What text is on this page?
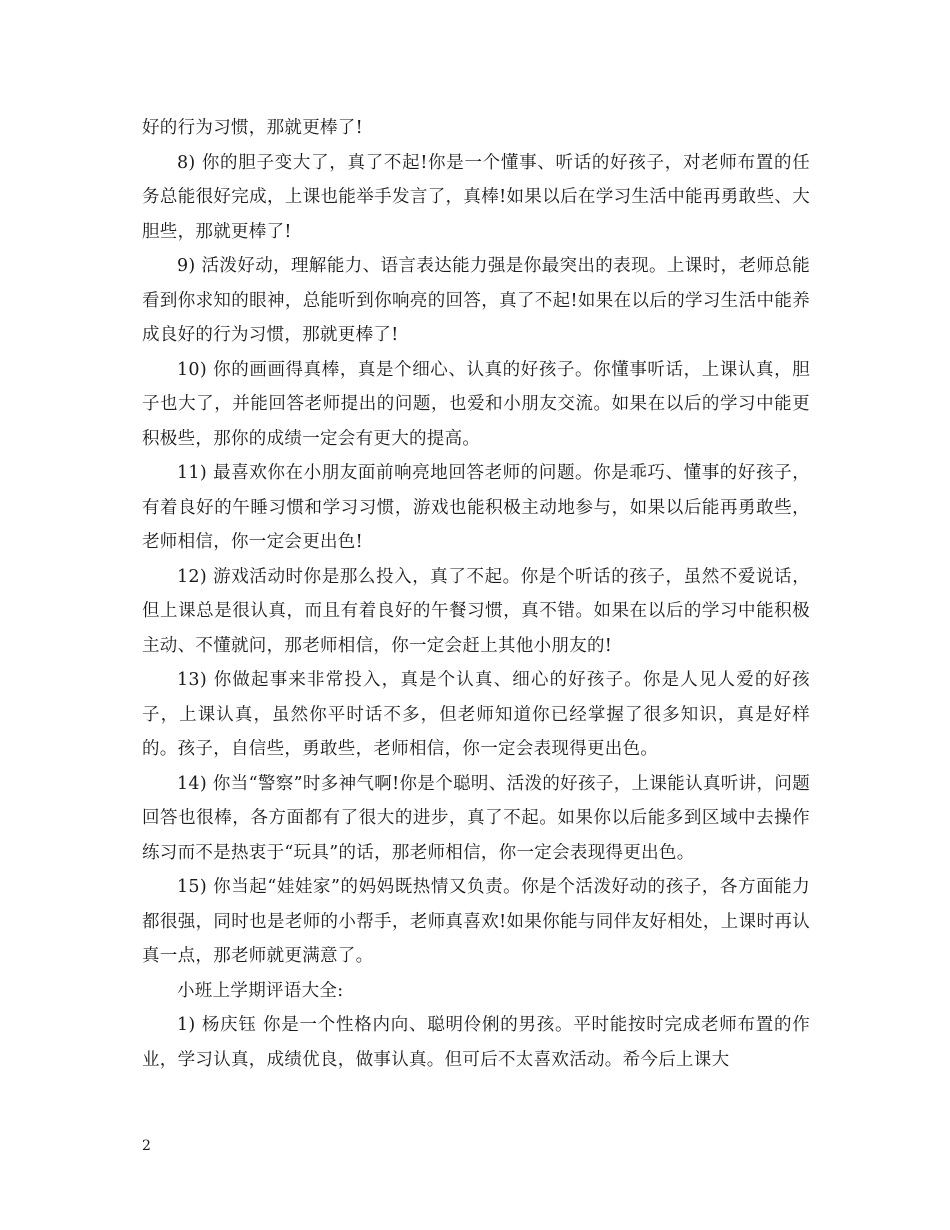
好的行为习惯，那就更棒了!

8) 你的胆子变大了，真了不起!你是一个懂事、听话的好孩子，对老师布置的任务总能很好完成，上课也能举手发言了，真棒!如果以后在学习生活中能再勇敢些、大胆些，那就更棒了!

9) 活泼好动，理解能力、语言表达能力强是你最突出的表现。上课时，老师总能看到你求知的眼神，总能听到你响亮的回答，真了不起!如果在以后的学习生活中能养成良好的行为习惯，那就更棒了!

10) 你的画画得真棒，真是个细心、认真的好孩子。你懂事听话，上课认真，胆子也大了，并能回答老师提出的问题，也爱和小朋友交流。如果在以后的学习中能更积极些，那你的成绩一定会有更大的提高。

11) 最喜欢你在小朋友面前响亮地回答老师的问题。你是乖巧、懂事的好孩子，有着良好的午睡习惯和学习习惯，游戏也能积极主动地参与，如果以后能再勇敢些，老师相信，你一定会更出色!

12) 游戏活动时你是那么投入，真了不起。你是个听话的孩子，虽然不爱说话，但上课总是很认真，而且有着良好的午餐习惯，真不错。如果在以后的学习中能积极主动、不懂就问，那老师相信，你一定会赶上其他小朋友的!

13) 你做起事来非常投入，真是个认真、细心的好孩子。你是人见人爱的好孩子，上课认真，虽然你平时话不多，但老师知道你已经掌握了很多知识，真是好样的。孩子，自信些，勇敢些，老师相信，你一定会表现得更出色。

14) 你当“警察”时多神气啊!你是个聪明、活泼的好孩子，上课能认真听讲，问题回答也很棒，各方面都有了很大的进步，真了不起。如果你以后能多到区域中去操作练习而不是热衷于“玩具”的话，那老师相信，你一定会表现得更出色。

15) 你当起“娃娃家”的妈妈既热情又负责。你是个活泼好动的孩子，各方面能力都很强，同时也是老师的小帮手，老师真喜欢!如果你能与同伴友好相处，上课时再认真一点，那老师就更满意了。

小班上学期评语大全:

1) 杨庆钰 你是一个性格内向、聪明伶俐的男孩。平时能按时完成老师布置的作业，学习认真，成绩优良，做事认真。但可后不太喜欢活动。希今后上课大

2
